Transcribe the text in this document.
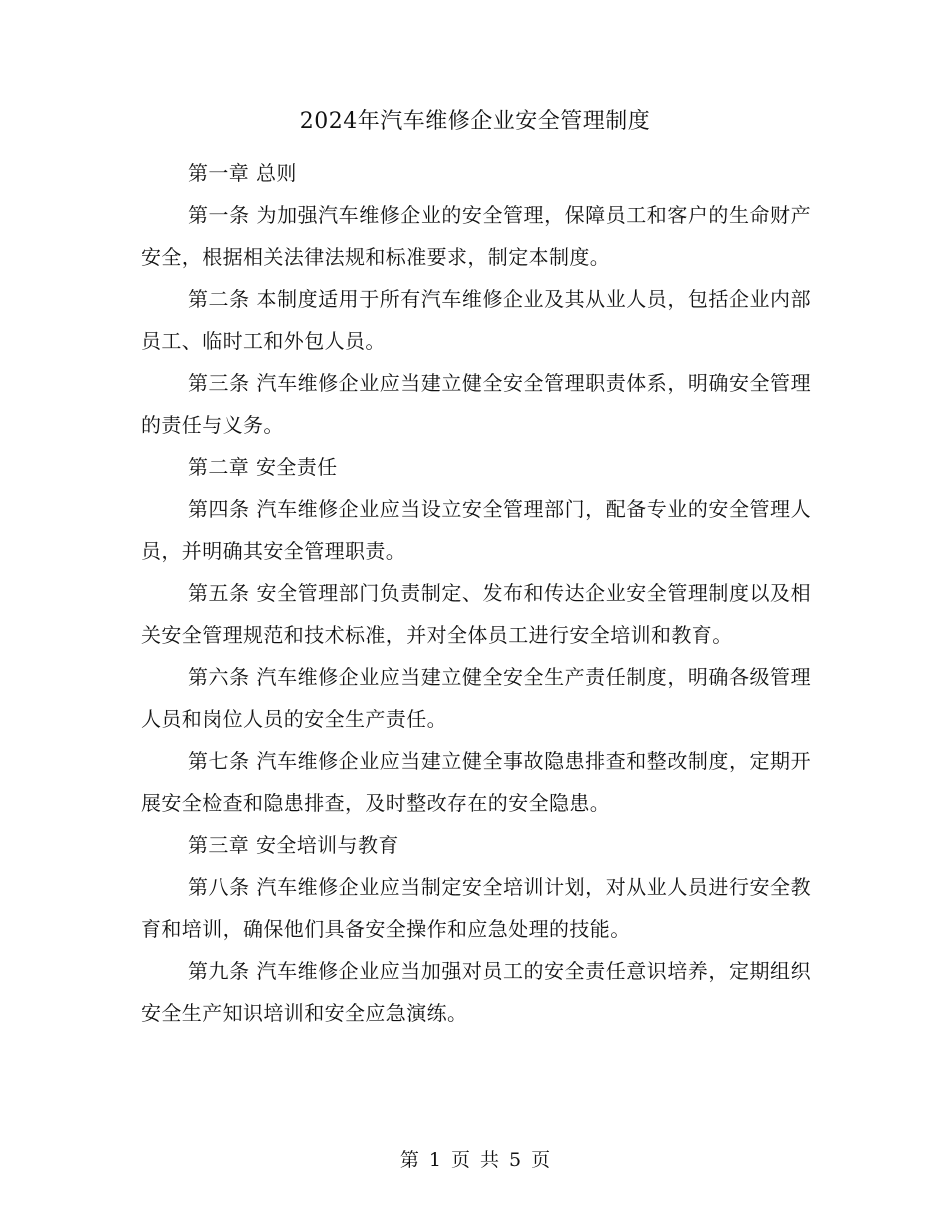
2024年汽车维修企业安全管理制度

第一章 总则

第一条 为加强汽车维修企业的安全管理，保障员工和客户的生命财产安全，根据相关法律法规和标准要求，制定本制度。

第二条 本制度适用于所有汽车维修企业及其从业人员，包括企业内部员工、临时工和外包人员。

第三条 汽车维修企业应当建立健全安全管理职责体系，明确安全管理的责任与义务。

第二章 安全责任

第四条 汽车维修企业应当设立安全管理部门，配备专业的安全管理人员，并明确其安全管理职责。

第五条 安全管理部门负责制定、发布和传达企业安全管理制度以及相关安全管理规范和技术标准，并对全体员工进行安全培训和教育。

第六条 汽车维修企业应当建立健全安全生产责任制度，明确各级管理人员和岗位人员的安全生产责任。

第七条 汽车维修企业应当建立健全事故隐患排查和整改制度，定期开展安全检查和隐患排查，及时整改存在的安全隐患。

第三章 安全培训与教育

第八条 汽车维修企业应当制定安全培训计划，对从业人员进行安全教育和培训，确保他们具备安全操作和应急处理的技能。

第九条 汽车维修企业应当加强对员工的安全责任意识培养，定期组织安全生产知识培训和安全应急演练。

第 1 页 共 5 页
